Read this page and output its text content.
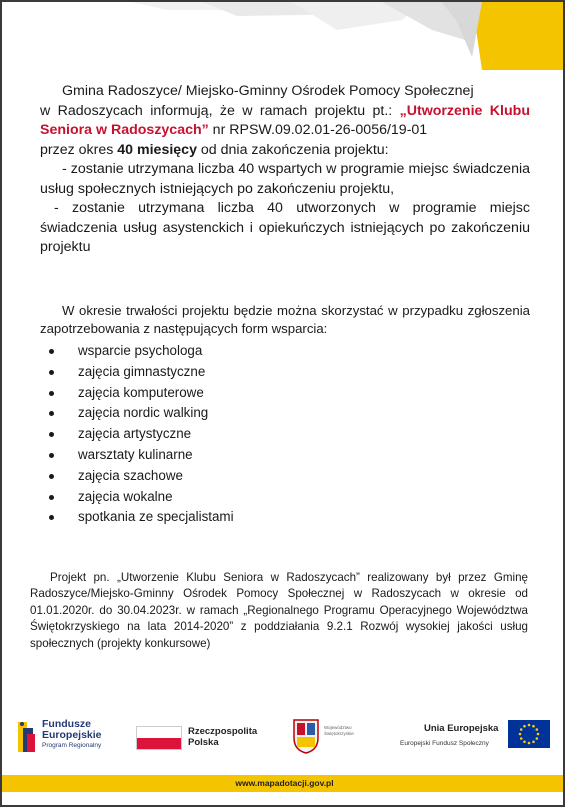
Gmina Radoszyce/ Miejsko-Gminny Ośrodek Pomocy Społecznej

w Radoszycach informują, że w ramach projektu pt.: „Utworzenie Klubu Seniora w Radoszycach” nr RPSW.09.02.01-26-0056/19-01

przez okres 40 miesięcy od dnia zakończenia projektu:

- zostanie utrzymana liczba 40 wspartych w programie miejsc świadczenia usług społecznych istniejących po zakończeniu projektu,

- zostanie utrzymana liczba 40 utworzonych w programie miejsc świadczenia usług asystenckich i opiekuńczych istniejących po zakończeniu projektu

W okresie trwałości projektu będzie można skorzystać w przypadku zgłoszenia zapotrzebowania z następujących form wsparcia:

wsparcie psychologa
zajęcia gimnastyczne
zajęcia komputerowe
zajęcia nordic walking
zajęcia artystyczne
warsztaty kulinarne
zajęcia szachowe
zajęcia wokalne
spotkania ze specjalistami

Projekt pn. „Utworzenie Klubu Seniora w Radoszycach” realizowany był przez Gminę Radoszyce/Miejsko-Gminny Ośrodek Pomocy Społecznej w Radoszycach w okresie od 01.01.2020r. do 30.04.2023r. w ramach „Regionalnego Programu Operacyjnego Województwa Świętokrzyskiego na lata 2014-2020” z poddziałania 9.2.1 Rozwój wysokiej jakości usług społecznych (projekty konkursowe)

Fundusze Europejskie
Program Regionalny
Rzeczpospolita Polska
Województwo Świętokrzyskie	Unia Europejska
Europejski Fundusz Społeczny
www.mapadotacji.gov.pl
